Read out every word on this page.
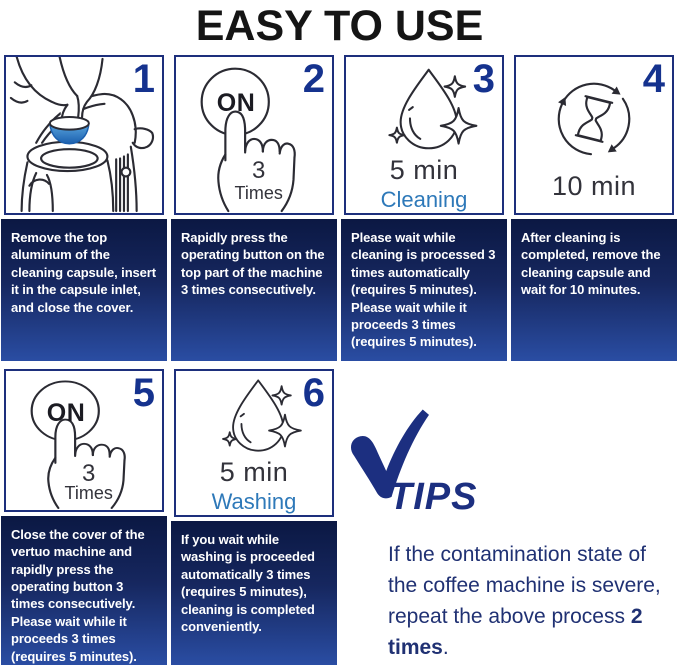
EASY TO USE
1

Remove the top aluminum of the cleaning capsule, insert it in the capsule inlet, and close the cover.

ON
3
Times
2

Rapidly press the operating button on the top part of the machine 3 times consecutively.

5 min
Cleaning
3

Please wait while cleaning is processed 3 times automatically (requires 5 minutes). Please wait while it proceeds 3 times (requires 5 minutes).

10 min
4

After cleaning is completed, remove the cleaning capsule and wait for 10 minutes.

ON
3
Times
5

Close the cover of the vertuo machine and rapidly press the operating button 3 times consecutively. Please wait while it proceeds 3 times (requires 5 minutes).

5 min
Washing
6

If you wait while washing is proceeded automatically 3 times (requires 5 minutes), cleaning is completed conveniently.

TIPS

If the contamination state of the coffee machine is severe, repeat the above process 2 times.
